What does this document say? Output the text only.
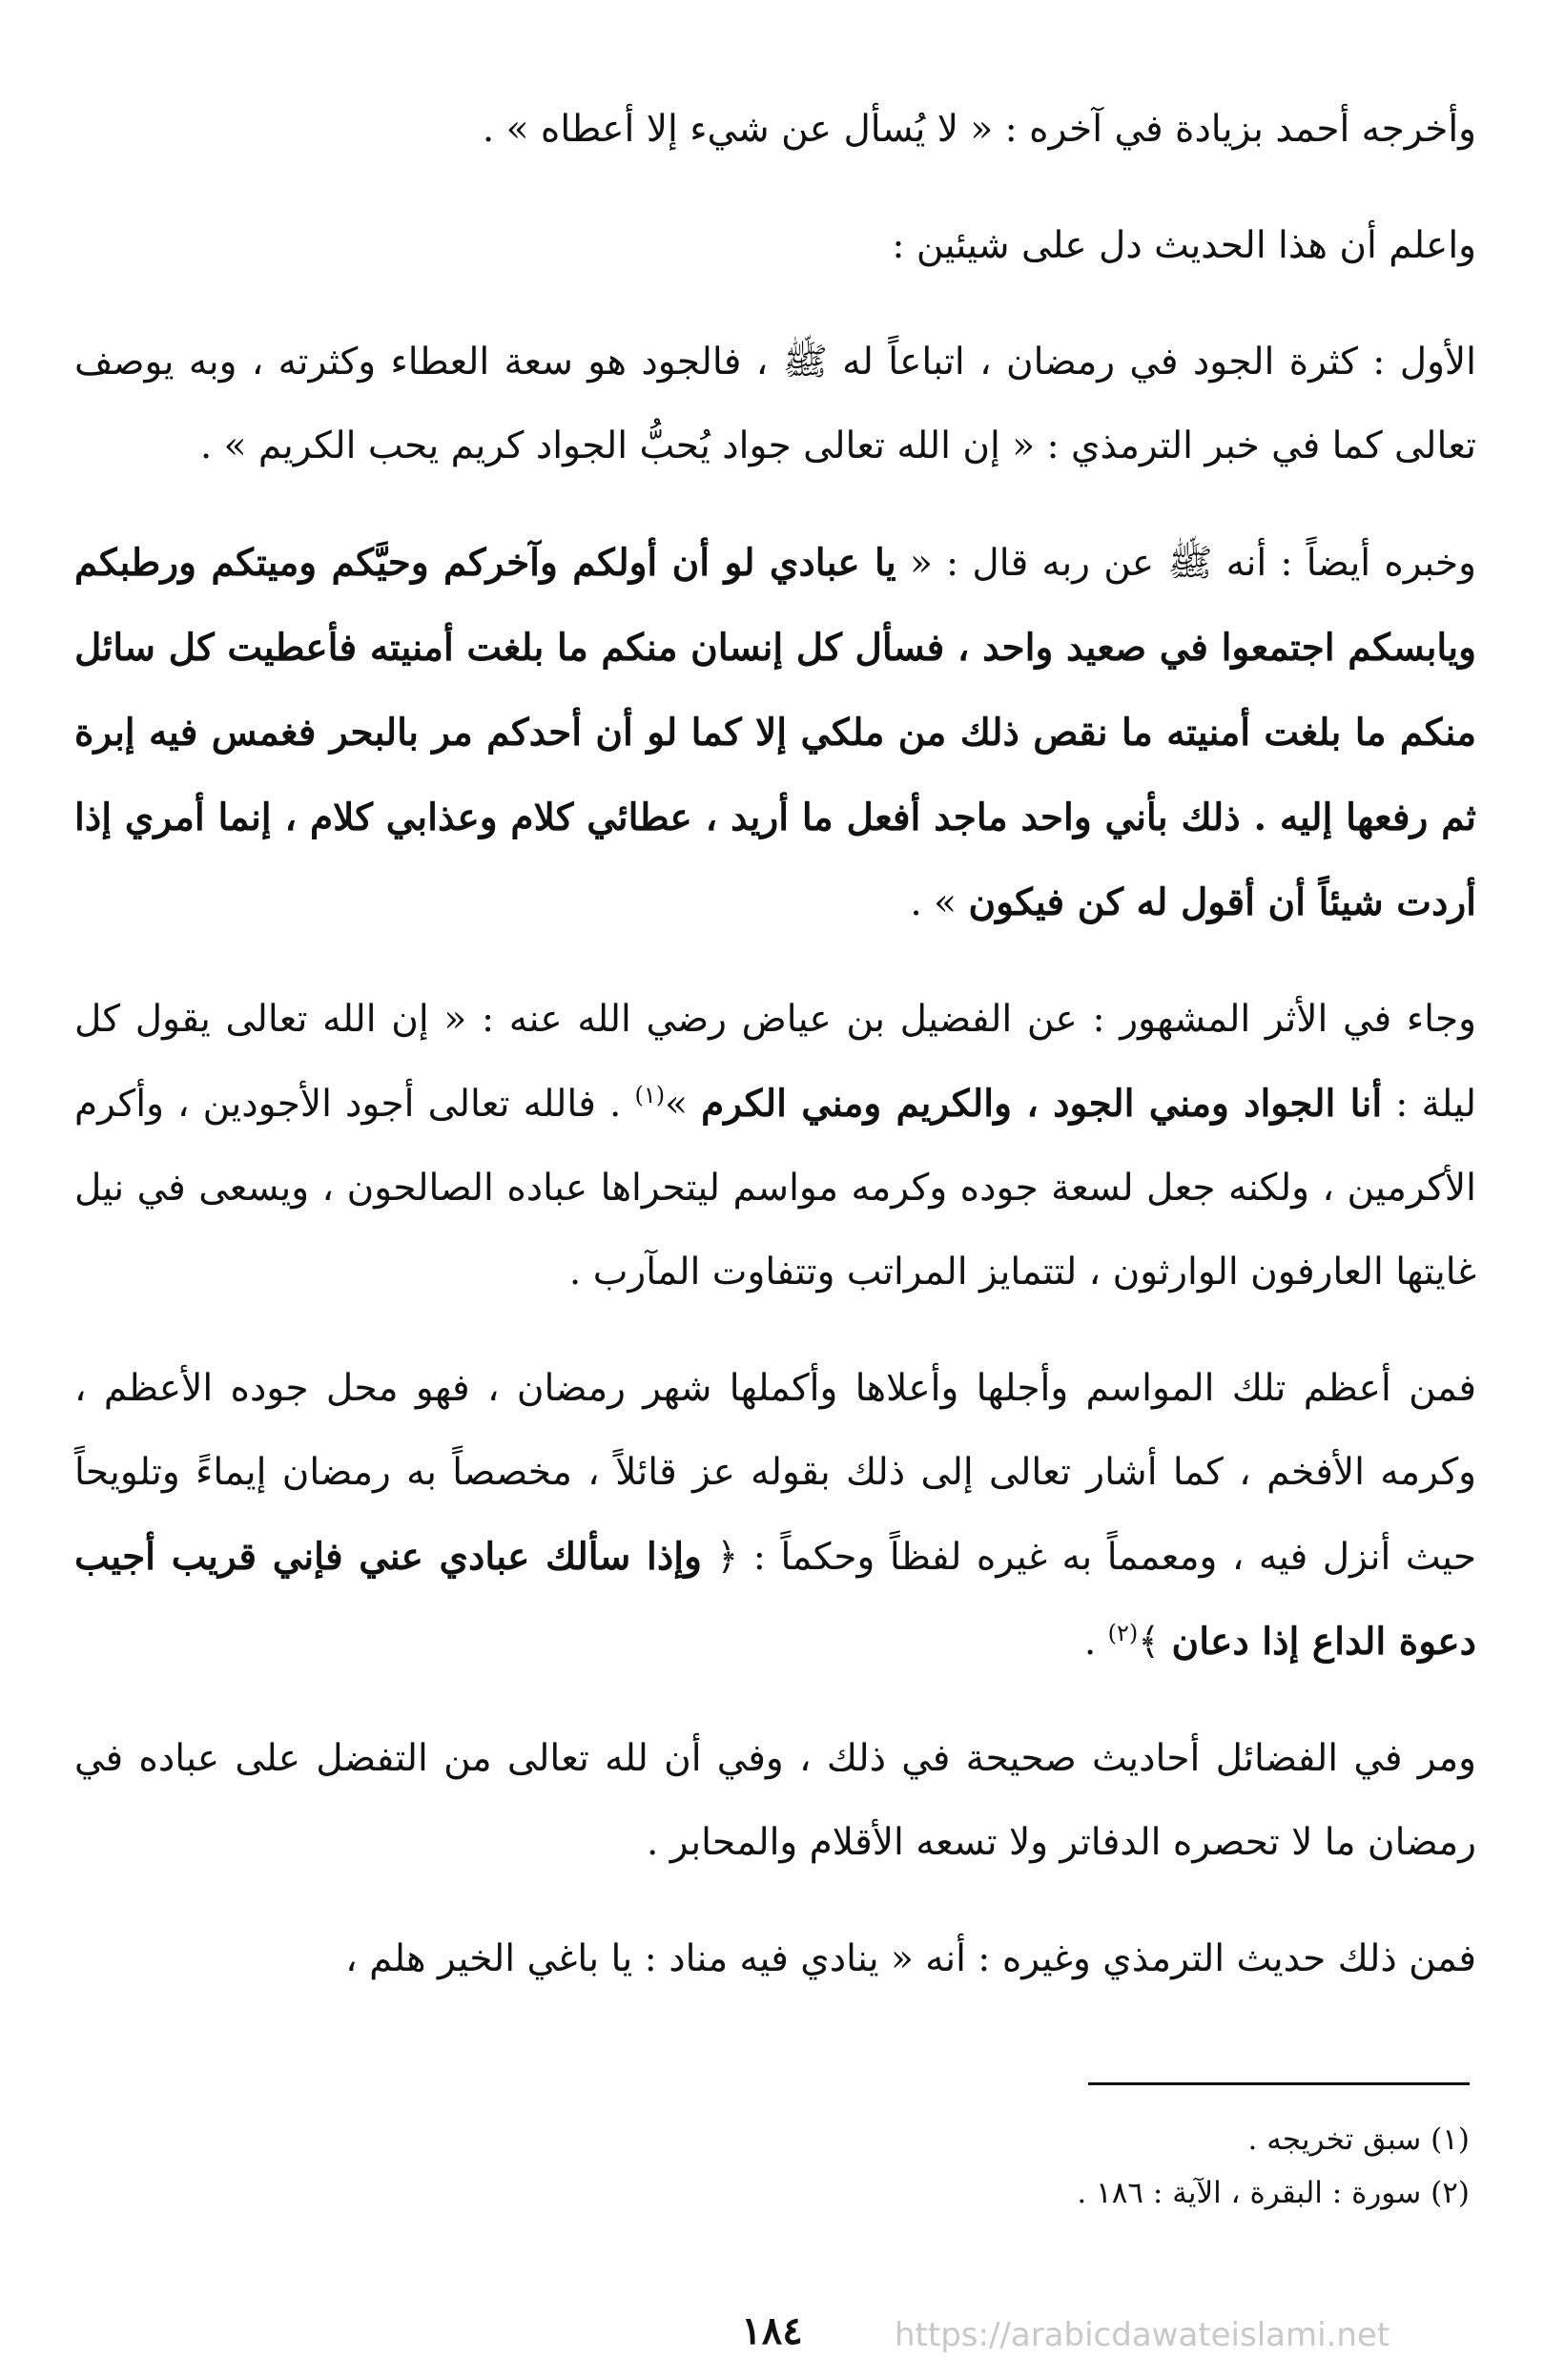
وأخرجه أحمد بزيادة في آخره : « لا يُسأل عن شيء إلا أعطاه » .

واعلم أن هذا الحديث دل على شيئين :

الأول : كثرة الجود في رمضان ، اتباعاً له ﷺ ، فالجود هو سعة العطاء وكثرته ، وبه يوصف تعالى كما في خبر الترمذي : « إن الله تعالى جواد يُحبُّ الجواد كريم يحب الكريم » .

وخبره أيضاً : أنه ﷺ عن ربه قال : « يا عبادي لو أن أولكم وآخركم وحيَّكم وميتكم ورطبكم ويابسكم اجتمعوا في صعيد واحد ، فسأل كل إنسان منكم ما بلغت أمنيته فأعطيت كل سائل منكم ما بلغت أمنيته ما نقص ذلك من ملكي إلا كما لو أن أحدكم مر بالبحر فغمس فيه إبرة ثم رفعها إليه . ذلك بأني واحد ماجد أفعل ما أريد ، عطائي كلام وعذابي كلام ، إنما أمري إذا أردت شيئاً أن أقول له كن فيكون » .

وجاء في الأثر المشهور : عن الفضيل بن عياض رضي الله عنه : « إن الله تعالى يقول كل ليلة : أنا الجواد ومني الجود ، والكريم ومني الكرم »$^{(١)}$ . فالله تعالى أجود الأجودين ، وأكرم الأكرمين ، ولكنه جعل لسعة جوده وكرمه مواسم ليتحراها عباده الصالحون ، ويسعى في نيل غايتها العارفون الوارثون ، لتتمايز المراتب وتتفاوت المآرب .

فمن أعظم تلك المواسم وأجلها وأعلاها وأكملها شهر رمضان ، فهو محل جوده الأعظم ، وكرمه الأفخم ، كما أشار تعالى إلى ذلك بقوله عز قائلاً ، مخصصاً به رمضان إيماءً وتلويحاً حيث أنزل فيه ، ومعمماً به غيره لفظاً وحكماً : ﴿ وإذا سألك عبادي عني فإني قريب أجيب دعوة الداع إذا دعان ﴾$^{(٢)}$ .

ومر في الفضائل أحاديث صحيحة في ذلك ، وفي أن لله تعالى من التفضل على عباده في رمضان ما لا تحصره الدفاتر ولا تسعه الأقلام والمحابر .

فمن ذلك حديث الترمذي وغيره : أنه « ينادي فيه مناد : يا باغي الخير هلم ،

(١) سبق تخريجه .

(٢) سورة : البقرة ، الآية : ١٨٦ .

١٨٤	https://arabicdawateislami.net
